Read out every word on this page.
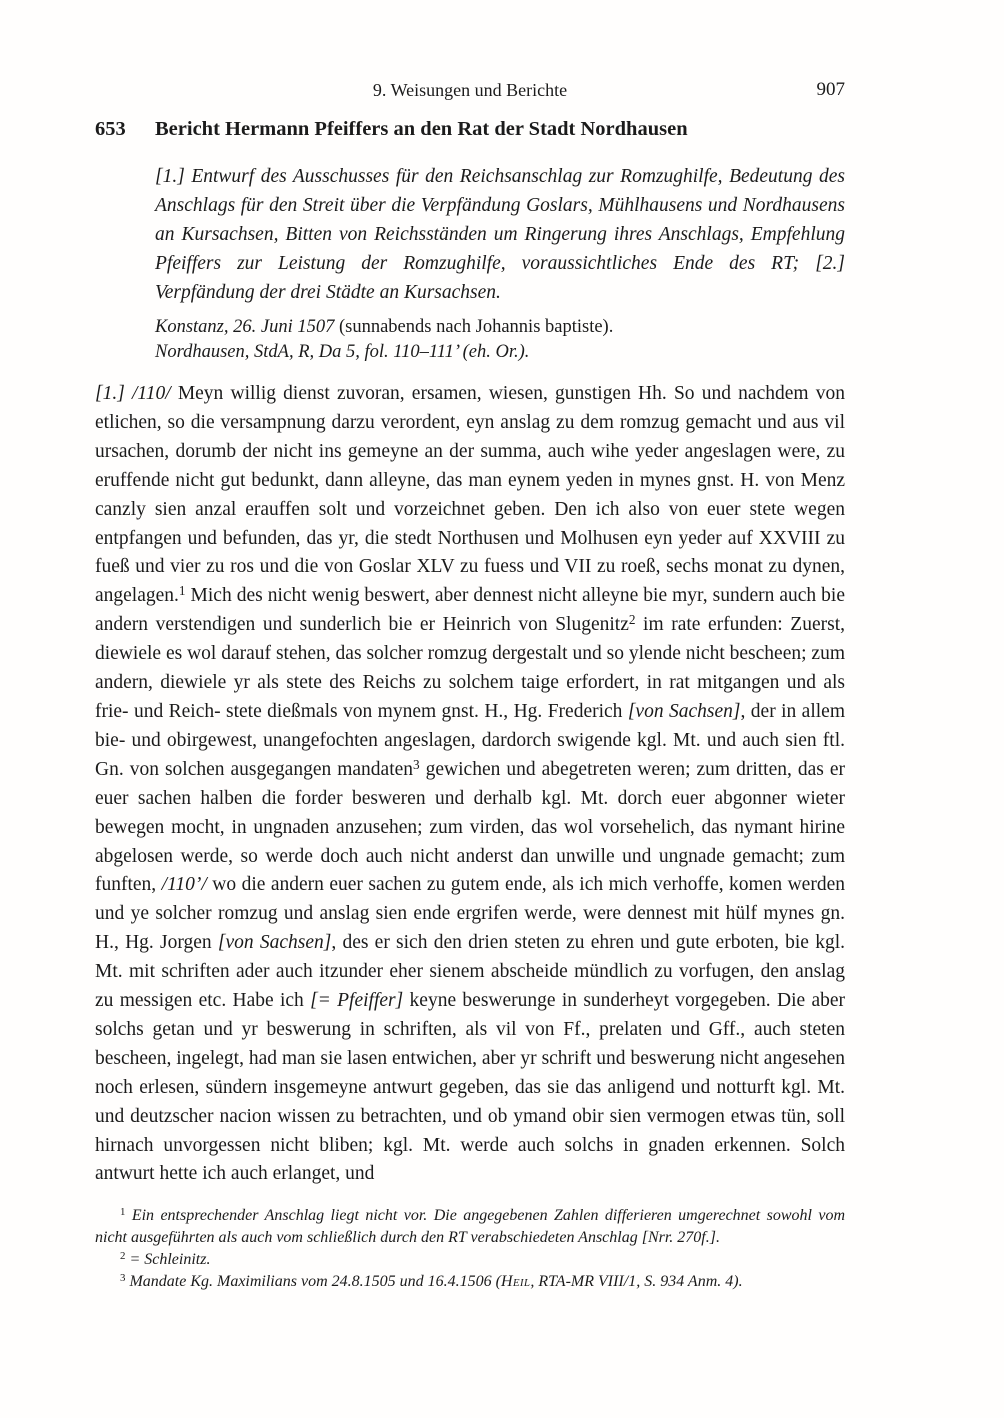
9. Weisungen und Berichte	907
653	Bericht Hermann Pfeiffers an den Rat der Stadt Nordhausen

[1.] Entwurf des Ausschusses für den Reichsanschlag zur Romzughilfe, Bedeutung des Anschlags für den Streit über die Verpfändung Goslars, Mühlhausens und Nordhausens an Kursachsen, Bitten von Reichsständen um Ringerung ihres Anschlags, Empfehlung Pfeiffers zur Leistung der Romzughilfe, voraussichtliches Ende des RT; [2.] Verpfändung der drei Städte an Kursachsen.

Konstanz, 26. Juni 1507 (sunnabends nach Johannis baptiste).
Nordhausen, StdA, R, Da 5, fol. 110–111’ (eh. Or.).

[1.] /110/ Meyn willig dienst zuvoran, ersamen, wiesen, gunstigen Hh. So und nachdem von etlichen, so die versampnung darzu verordent, eyn anslag zu dem romzug gemacht und aus vil ursachen, dorumb der nicht ins gemeyne an der summa, auch wihe yeder angeslagen were, zu eruffende nicht gut bedunkt, dann alleyne, das man eynem yeden in mynes gnst. H. von Menz canzly sien anzal erauffen solt und vorzeichnet geben. Den ich also von euer stete wegen entpfangen und befunden, das yr, die stedt Northusen und Molhusen eyn yeder auf XXVIII zu fueß und vier zu ros und die von Goslar XLV zu fuess und VII zu roeß, sechs monat zu dynen, angelagen.$^1$ Mich des nicht wenig beswert, aber dennest nicht alleyne bie myr, sundern auch bie andern verstendigen und sunderlich bie er Heinrich von Slugenitz$^2$ im rate erfunden: Zuerst, diewiele es wol darauf stehen, das solcher romzug dergestalt und so ylende nicht bescheen; zum andern, diewiele yr als stete des Reichs zu solchem taige erfordert, in rat mitgangen und als frie- und Reich- stete dießmals von mynem gnst. H., Hg. Frederich [von Sachsen], der in allem bie- und obirgewest, unangefochten angeslagen, dardorch swigende kgl. Mt. und auch sien ftl. Gn. von solchen ausgegangen mandaten$^3$ gewichen und abegetreten weren; zum dritten, das er euer sachen halben die forder besweren und derhalb kgl. Mt. dorch euer abgonner wieter bewegen mocht, in ungnaden anzusehen; zum virden, das wol vorsehelich, das nymant hirine abgelosen werde, so werde doch auch nicht anderst dan unwille und ungnade gemacht; zum funften, /110’/ wo die andern euer sachen zu gutem ende, als ich mich verhoffe, komen werden und ye solcher romzug und anslag sien ende ergrifen werde, were dennest mit hülf mynes gn. H., Hg. Jorgen [von Sachsen], des er sich den drien steten zu ehren und gute erboten, bie kgl. Mt. mit schriften ader auch itzunder eher sienem abscheide mündlich zu vorfugen, den anslag zu messigen etc. Habe ich [= Pfeiffer] keyne beswerunge in sunderheyt vorgegeben. Die aber solchs getan und yr beswerung in schriften, als vil von Ff., prelaten und Gff., auch steten bescheen, ingelegt, had man sie lasen entwichen, aber yr schrift und beswerung nicht angesehen noch erlesen, sündern insgemeyne antwurt gegeben, das sie das anligend und notturft kgl. Mt. und deutzscher nacion wissen zu betrachten, und ob ymand obir sien vermogen etwas tün, soll hirnach unvorgessen nicht bliben; kgl. Mt. werde auch solchs in gnaden erkennen. Solch antwurt hette ich auch erlanget, und

$^1$ Ein entsprechender Anschlag liegt nicht vor. Die angegebenen Zahlen differieren umgerechnet sowohl vom nicht ausgeführten als auch vom schließlich durch den RT verabschiedeten Anschlag [Nrr. 270f.].

$^2$ = Schleinitz.

$^3$ Mandate Kg. Maximilians vom 24.8.1505 und 16.4.1506 (Heil, RTA-MR VIII/1, S. 934 Anm. 4).
